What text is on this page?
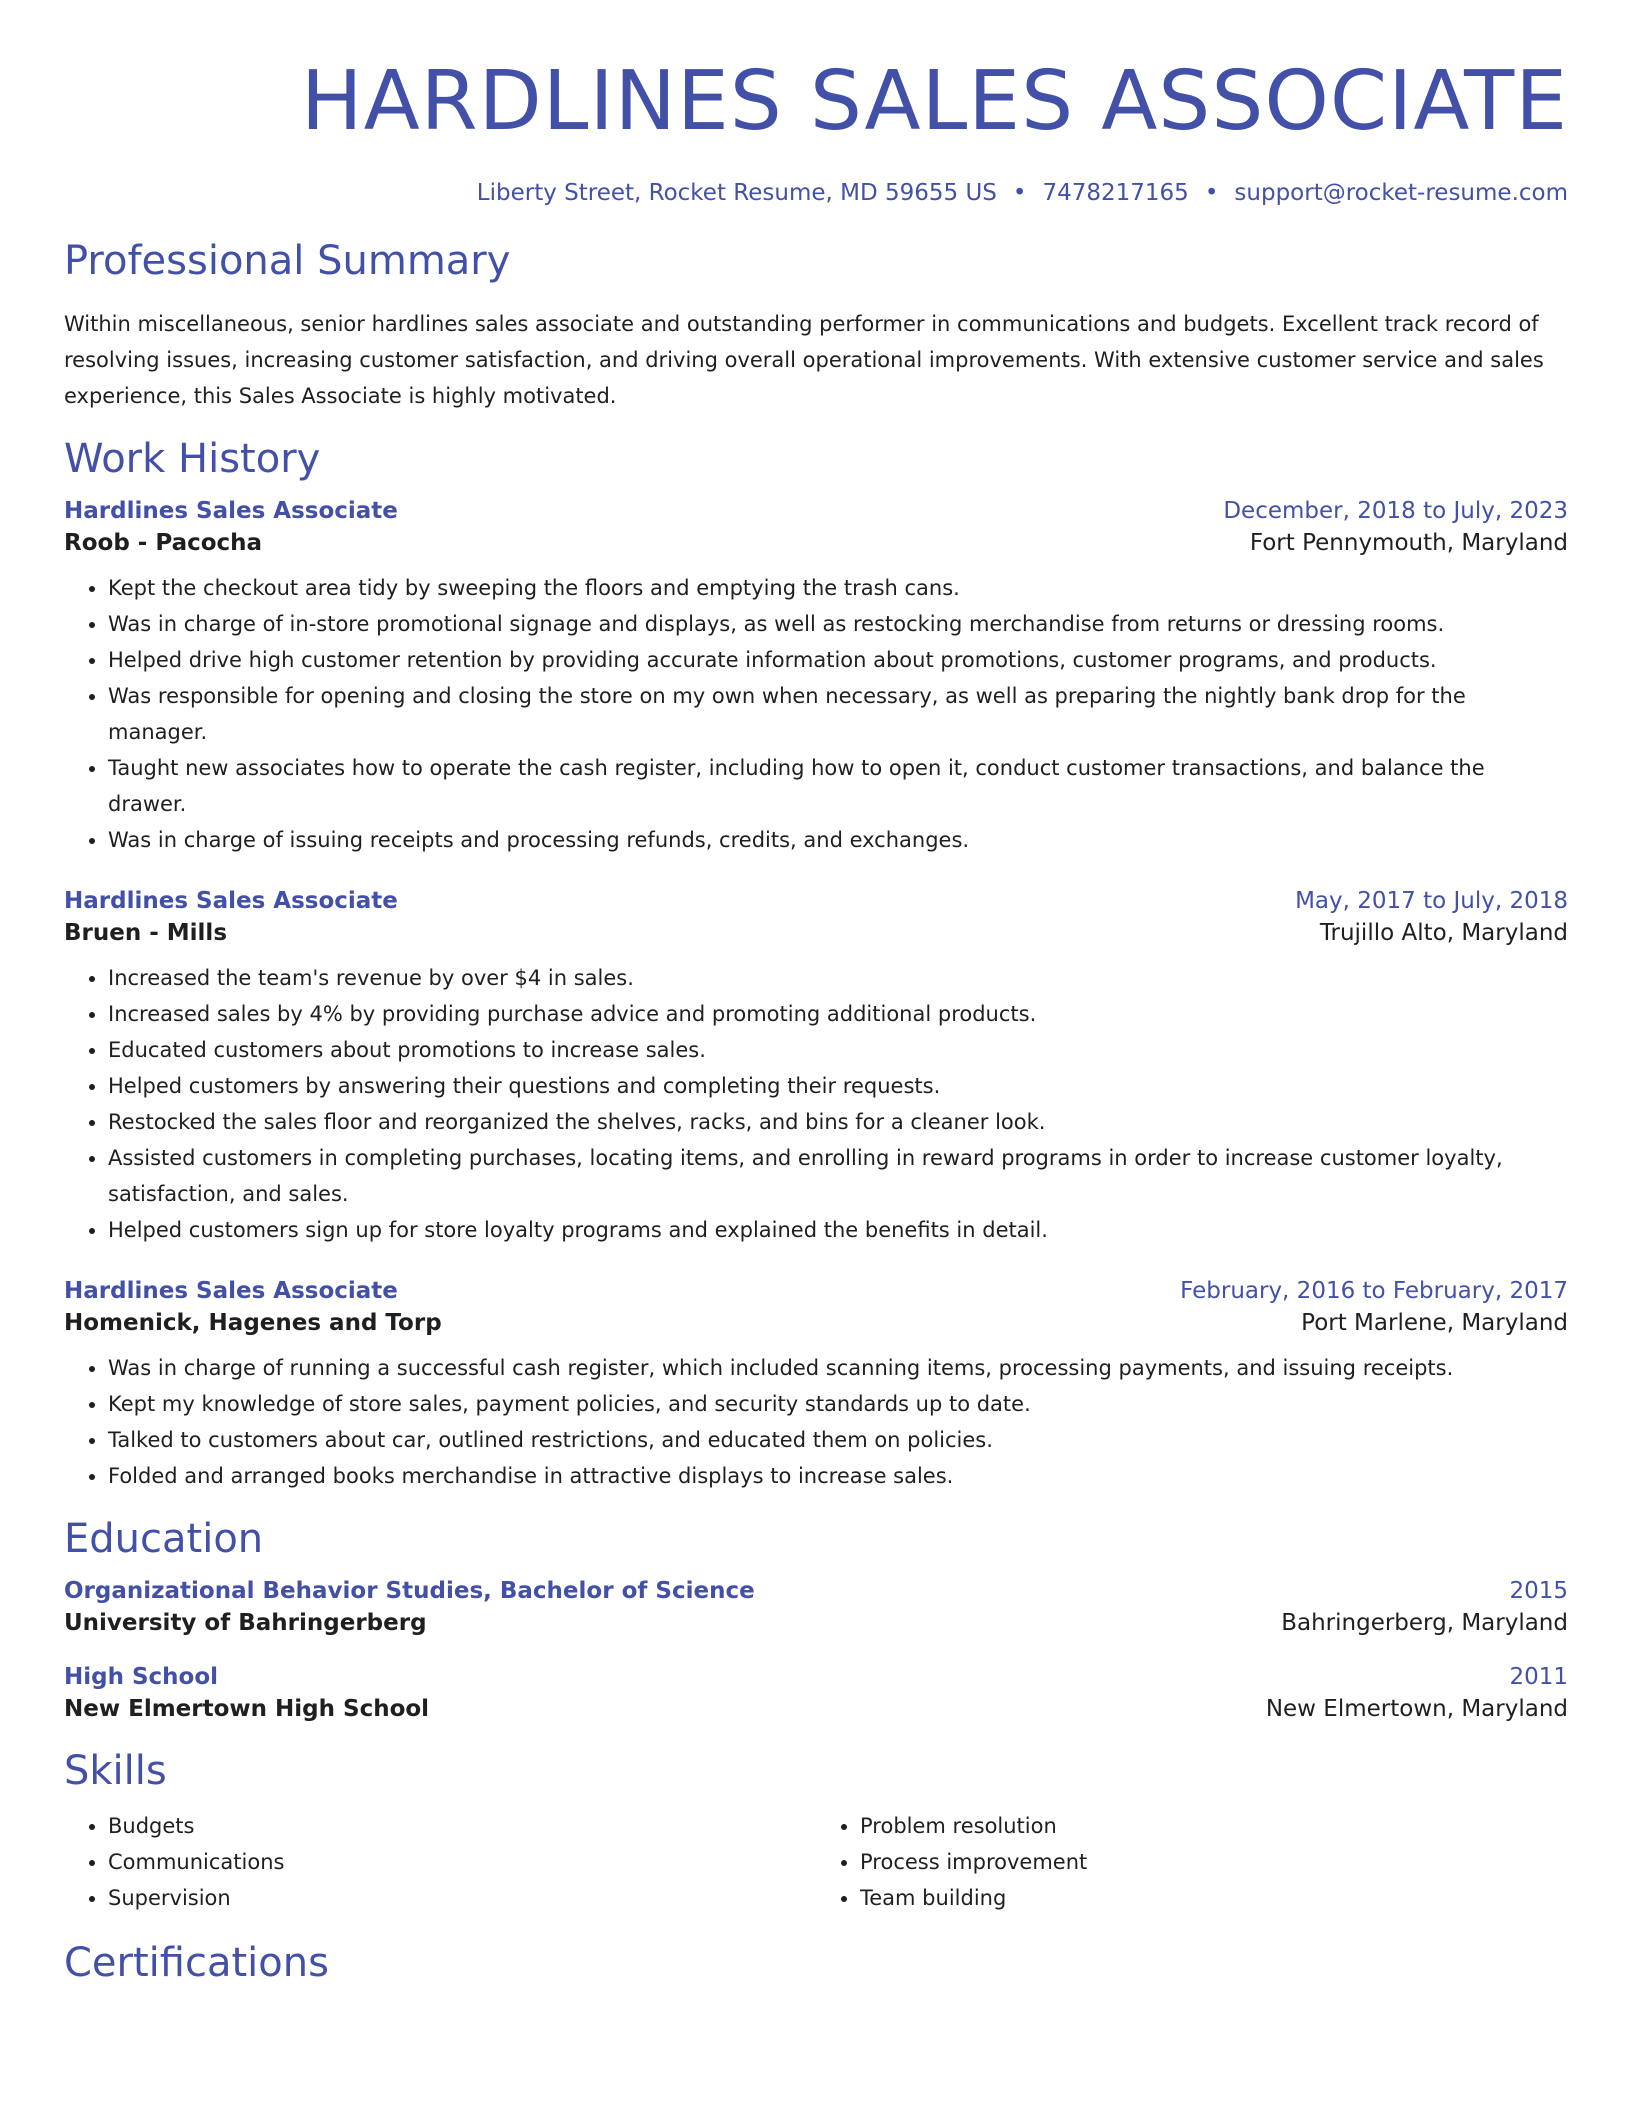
HARDLINES SALES ASSOCIATE
Liberty Street, Rocket Resume, MD 59655 US • 7478217165 • support@rocket-resume.com
Professional Summary

Within miscellaneous, senior hardlines sales associate and outstanding performer in communications and budgets. Excellent track record of resolving issues, increasing customer satisfaction, and driving overall operational improvements. With extensive customer service and sales experience, this Sales Associate is highly motivated.

Work History
Hardlines Sales Associate	December, 2018 to July, 2023
Roob - Pacocha	Fort Pennymouth, Maryland
• Kept the checkout area tidy by sweeping the floors and emptying the trash cans.
• Was in charge of in-store promotional signage and displays, as well as restocking merchandise from returns or dressing rooms.
• Helped drive high customer retention by providing accurate information about promotions, customer programs, and products.
• Was responsible for opening and closing the store on my own when necessary, as well as preparing the nightly bank drop for the manager.
• Taught new associates how to operate the cash register, including how to open it, conduct customer transactions, and balance the drawer.
• Was in charge of issuing receipts and processing refunds, credits, and exchanges.
Hardlines Sales Associate	May, 2017 to July, 2018
Bruen - Mills	Trujillo Alto, Maryland
• Increased the team's revenue by over $4 in sales.
• Increased sales by 4% by providing purchase advice and promoting additional products.
• Educated customers about promotions to increase sales.
• Helped customers by answering their questions and completing their requests.
• Restocked the sales floor and reorganized the shelves, racks, and bins for a cleaner look.
• Assisted customers in completing purchases, locating items, and enrolling in reward programs in order to increase customer loyalty, satisfaction, and sales.
• Helped customers sign up for store loyalty programs and explained the benefits in detail.
Hardlines Sales Associate	February, 2016 to February, 2017
Homenick, Hagenes and Torp	Port Marlene, Maryland
• Was in charge of running a successful cash register, which included scanning items, processing payments, and issuing receipts.
• Kept my knowledge of store sales, payment policies, and security standards up to date.
• Talked to customers about car, outlined restrictions, and educated them on policies.
• Folded and arranged books merchandise in attractive displays to increase sales.
Education
Organizational Behavior Studies, Bachelor of Science	2015
University of Bahringerberg	Bahringerberg, Maryland
High School	2011
New Elmertown High School	New Elmertown, Maryland
Skills
• Budgets
• Communications
• Supervision
• Problem resolution
• Process improvement
• Team building
Certifications
